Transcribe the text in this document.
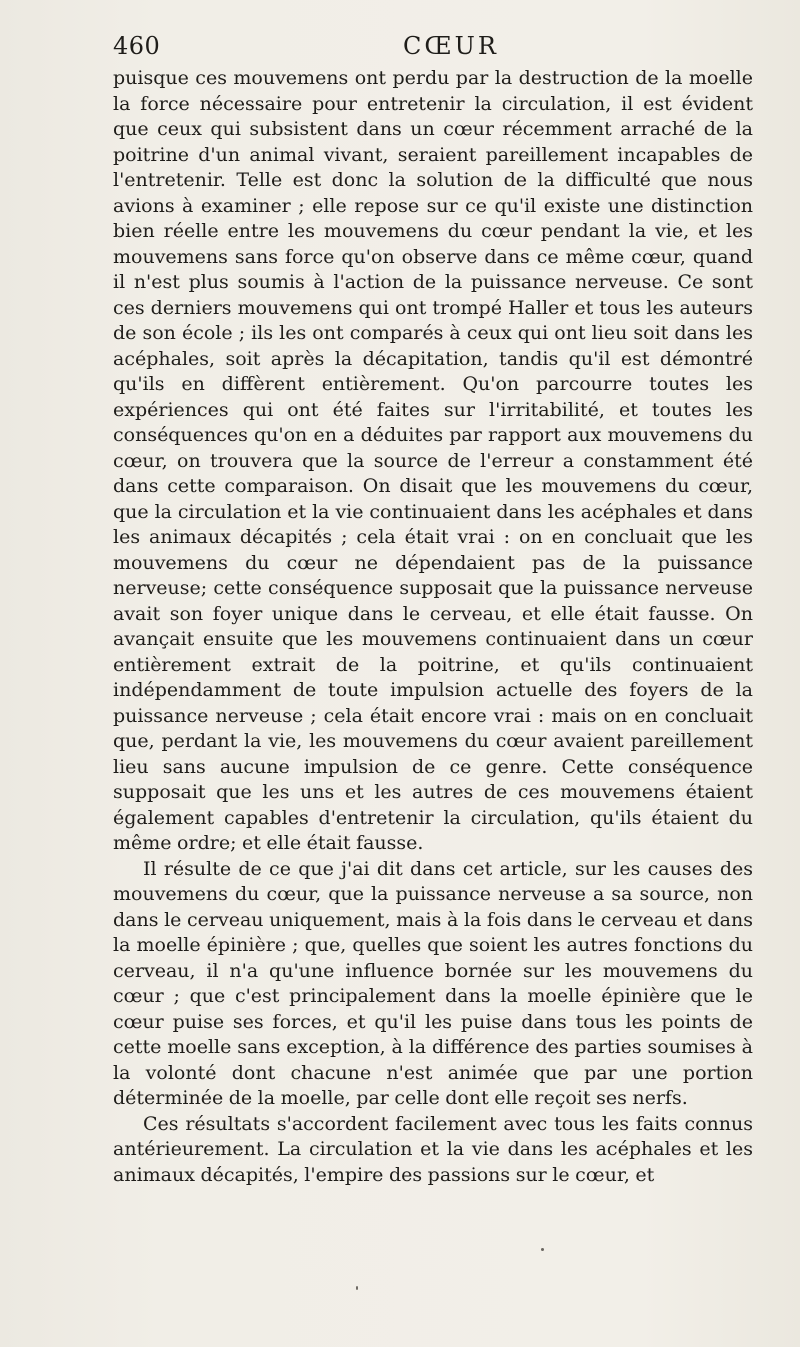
460	CŒUR

puisque ces mouvemens ont perdu par la destruction de la moelle la force nécessaire pour entretenir la circulation, il est évident que ceux qui subsistent dans un cœur récemment arraché de la poitrine d'un animal vivant, seraient pareillement incapables de l'entretenir. Telle est donc la solution de la difficulté que nous avions à examiner ; elle repose sur ce qu'il existe une distinction bien réelle entre les mouvemens du cœur pendant la vie, et les mouvemens sans force qu'on observe dans ce même cœur, quand il n'est plus soumis à l'action de la puissance nerveuse. Ce sont ces derniers mouvemens qui ont trompé Haller et tous les auteurs de son école ; ils les ont comparés à ceux qui ont lieu soit dans les acéphales, soit après la décapitation, tandis qu'il est démontré qu'ils en diffèrent entièrement. Qu'on parcourre toutes les expériences qui ont été faites sur l'irritabilité, et toutes les conséquences qu'on en a déduites par rapport aux mouvemens du cœur, on trouvera que la source de l'erreur a constamment été dans cette comparaison. On disait que les mouvemens du cœur, que la circulation et la vie continuaient dans les acéphales et dans les animaux décapités ; cela était vrai : on en concluait que les mouvemens du cœur ne dépendaient pas de la puissance nerveuse; cette conséquence supposait que la puissance nerveuse avait son foyer unique dans le cerveau, et elle était fausse. On avançait ensuite que les mouvemens continuaient dans un cœur entièrement extrait de la poitrine, et qu'ils continuaient indépendamment de toute impulsion actuelle des foyers de la puissance nerveuse ; cela était encore vrai : mais on en concluait que, perdant la vie, les mouvemens du cœur avaient pareillement lieu sans aucune impulsion de ce genre. Cette conséquence supposait que les uns et les autres de ces mouvemens étaient également capables d'entretenir la circulation, qu'ils étaient du même ordre; et elle était fausse.

Il résulte de ce que j'ai dit dans cet article, sur les causes des mouvemens du cœur, que la puissance nerveuse a sa source, non dans le cerveau uniquement, mais à la fois dans le cerveau et dans la moelle épinière ; que, quelles que soient les autres fonctions du cerveau, il n'a qu'une influence bornée sur les mouvemens du cœur ; que c'est principalement dans la moelle épinière que le cœur puise ses forces, et qu'il les puise dans tous les points de cette moelle sans exception, à la différence des parties soumises à la volonté dont chacune n'est animée que par une portion déterminée de la moelle, par celle dont elle reçoit ses nerfs.

Ces résultats s'accordent facilement avec tous les faits connus antérieurement. La circulation et la vie dans les acéphales et les animaux décapités, l'empire des passions sur le cœur, et
